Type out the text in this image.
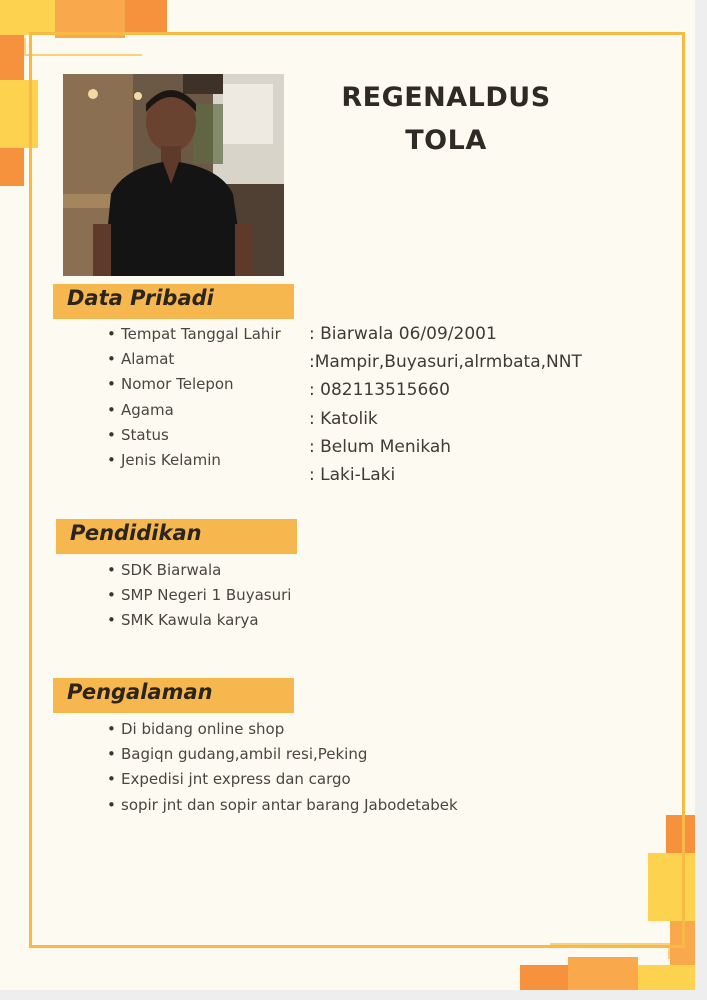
REGENALDUS
TOLA
Data Pribadi
• Tempat Tanggal Lahir
• Alamat
• Nomor Telepon
• Agama
• Status
• Jenis Kelamin
: Biarwala 06/09/2001
:Mampir,Buyasuri,alrmbata,NNT
: 082113515660
: Katolik
: Belum Menikah
: Laki-Laki
Pendidikan
• SDK Biarwala
• SMP Negeri 1 Buyasuri
• SMK Kawula karya
Pengalaman
• Di bidang online shop
• Bagiqn gudang,ambil resi,Peking
• Expedisi jnt express dan cargo
• sopir jnt dan sopir antar barang Jabodetabek
